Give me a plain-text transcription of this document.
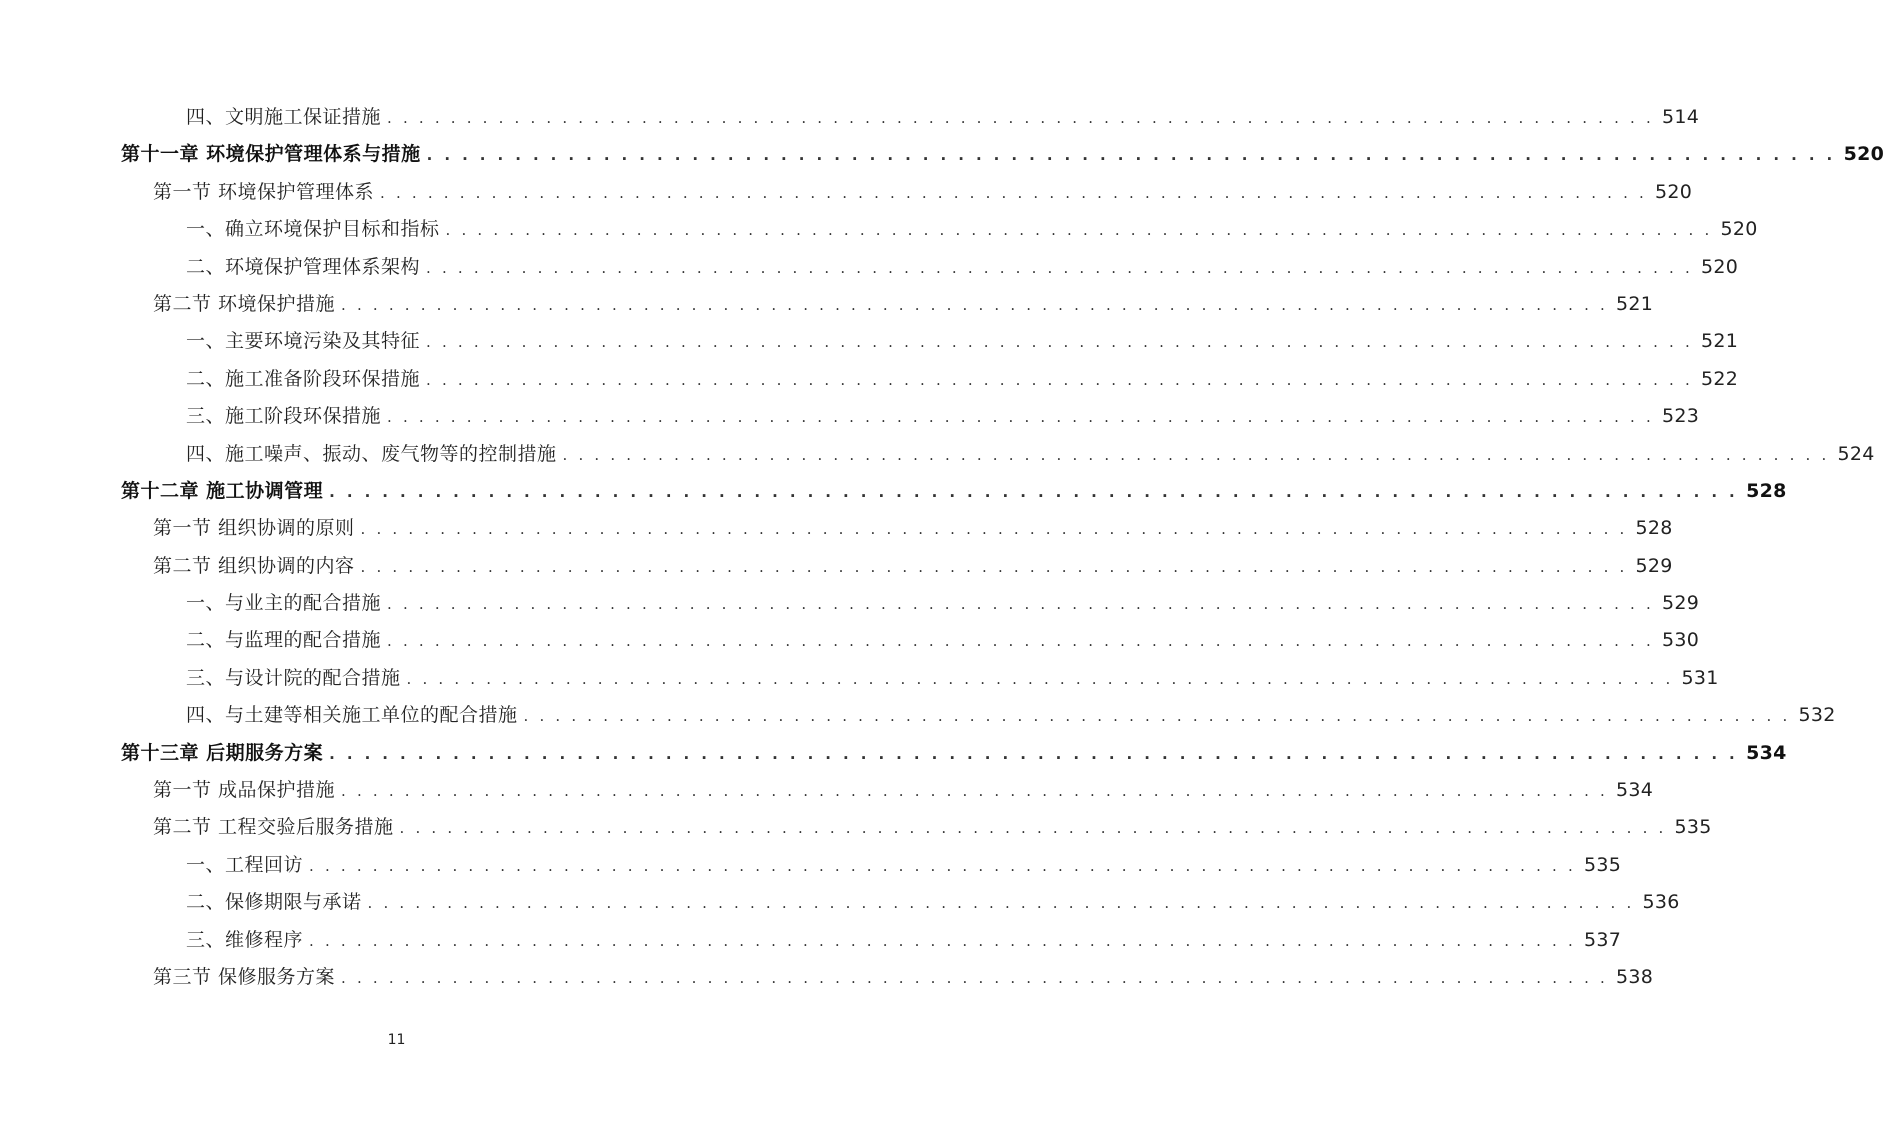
四、文明施工保证措施 . . . . . . . . . . . . . . . . . . . . . . . . . . . . . . . . . . . . . . . . . . . . . . . . . . . . . . . . . . . . . . . . . . . . . . . . . . . . . . . . 514
第十一章 环境保护管理体系与措施 . . . . . . . . . . . . . . . . . . . . . . . . . . . . . . . . . . . . . . . . . . . . . . . . . . . . . . . . . . . . . . . . . . . . . . . . . . . . . . . . 520
第一节 环境保护管理体系 . . . . . . . . . . . . . . . . . . . . . . . . . . . . . . . . . . . . . . . . . . . . . . . . . . . . . . . . . . . . . . . . . . . . . . . . . . . . . . . . 520
一、确立环境保护目标和指标 . . . . . . . . . . . . . . . . . . . . . . . . . . . . . . . . . . . . . . . . . . . . . . . . . . . . . . . . . . . . . . . . . . . . . . . . . . . . . . . . 520
二、环境保护管理体系架构 . . . . . . . . . . . . . . . . . . . . . . . . . . . . . . . . . . . . . . . . . . . . . . . . . . . . . . . . . . . . . . . . . . . . . . . . . . . . . . . . 520
第二节 环境保护措施 . . . . . . . . . . . . . . . . . . . . . . . . . . . . . . . . . . . . . . . . . . . . . . . . . . . . . . . . . . . . . . . . . . . . . . . . . . . . . . . . 521
一、主要环境污染及其特征 . . . . . . . . . . . . . . . . . . . . . . . . . . . . . . . . . . . . . . . . . . . . . . . . . . . . . . . . . . . . . . . . . . . . . . . . . . . . . . . . 521
二、施工准备阶段环保措施 . . . . . . . . . . . . . . . . . . . . . . . . . . . . . . . . . . . . . . . . . . . . . . . . . . . . . . . . . . . . . . . . . . . . . . . . . . . . . . . . 522
三、施工阶段环保措施 . . . . . . . . . . . . . . . . . . . . . . . . . . . . . . . . . . . . . . . . . . . . . . . . . . . . . . . . . . . . . . . . . . . . . . . . . . . . . . . . 523
四、施工噪声、振动、废气物等的控制措施 . . . . . . . . . . . . . . . . . . . . . . . . . . . . . . . . . . . . . . . . . . . . . . . . . . . . . . . . . . . . . . . . . . . . . . . . . . . . . . . . 524
第十二章 施工协调管理 . . . . . . . . . . . . . . . . . . . . . . . . . . . . . . . . . . . . . . . . . . . . . . . . . . . . . . . . . . . . . . . . . . . . . . . . . . . . . . . . 528
第一节 组织协调的原则 . . . . . . . . . . . . . . . . . . . . . . . . . . . . . . . . . . . . . . . . . . . . . . . . . . . . . . . . . . . . . . . . . . . . . . . . . . . . . . . . 528
第二节 组织协调的内容 . . . . . . . . . . . . . . . . . . . . . . . . . . . . . . . . . . . . . . . . . . . . . . . . . . . . . . . . . . . . . . . . . . . . . . . . . . . . . . . . 529
一、与业主的配合措施 . . . . . . . . . . . . . . . . . . . . . . . . . . . . . . . . . . . . . . . . . . . . . . . . . . . . . . . . . . . . . . . . . . . . . . . . . . . . . . . . 529
二、与监理的配合措施 . . . . . . . . . . . . . . . . . . . . . . . . . . . . . . . . . . . . . . . . . . . . . . . . . . . . . . . . . . . . . . . . . . . . . . . . . . . . . . . . 530
三、与设计院的配合措施 . . . . . . . . . . . . . . . . . . . . . . . . . . . . . . . . . . . . . . . . . . . . . . . . . . . . . . . . . . . . . . . . . . . . . . . . . . . . . . . . 531
四、与土建等相关施工单位的配合措施 . . . . . . . . . . . . . . . . . . . . . . . . . . . . . . . . . . . . . . . . . . . . . . . . . . . . . . . . . . . . . . . . . . . . . . . . . . . . . . . . 532
第十三章 后期服务方案 . . . . . . . . . . . . . . . . . . . . . . . . . . . . . . . . . . . . . . . . . . . . . . . . . . . . . . . . . . . . . . . . . . . . . . . . . . . . . . . . 534
第一节 成品保护措施 . . . . . . . . . . . . . . . . . . . . . . . . . . . . . . . . . . . . . . . . . . . . . . . . . . . . . . . . . . . . . . . . . . . . . . . . . . . . . . . . 534
第二节 工程交验后服务措施 . . . . . . . . . . . . . . . . . . . . . . . . . . . . . . . . . . . . . . . . . . . . . . . . . . . . . . . . . . . . . . . . . . . . . . . . . . . . . . . . 535
一、工程回访 . . . . . . . . . . . . . . . . . . . . . . . . . . . . . . . . . . . . . . . . . . . . . . . . . . . . . . . . . . . . . . . . . . . . . . . . . . . . . . . . 535
二、保修期限与承诺 . . . . . . . . . . . . . . . . . . . . . . . . . . . . . . . . . . . . . . . . . . . . . . . . . . . . . . . . . . . . . . . . . . . . . . . . . . . . . . . . 536
三、维修程序 . . . . . . . . . . . . . . . . . . . . . . . . . . . . . . . . . . . . . . . . . . . . . . . . . . . . . . . . . . . . . . . . . . . . . . . . . . . . . . . . 537
第三节 保修服务方案 . . . . . . . . . . . . . . . . . . . . . . . . . . . . . . . . . . . . . . . . . . . . . . . . . . . . . . . . . . . . . . . . . . . . . . . . . . . . . . . . 538
11
